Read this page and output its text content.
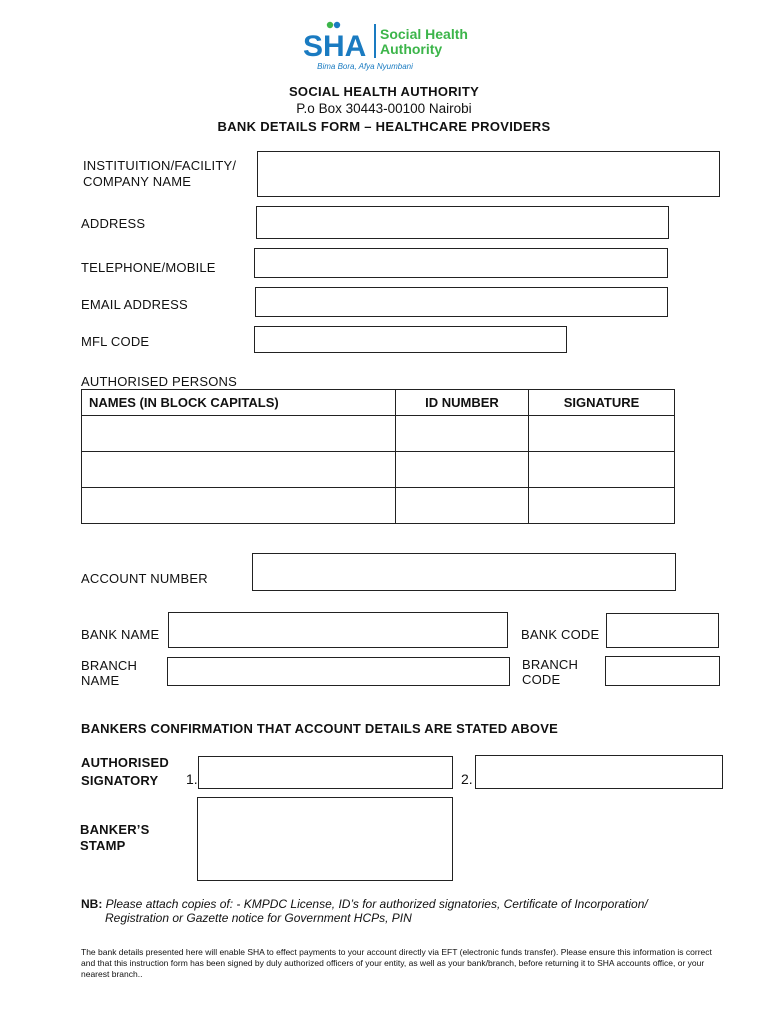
SHA Social Health
Authority
Bima Bora, Afya Nyumbani
SOCIAL HEALTH AUTHORITY
P.o Box 30443-00100 Nairobi
BANK DETAILS FORM – HEALTHCARE PROVIDERS
INSTITUITION/FACILITY/
COMPANY NAME
ADDRESS
TELEPHONE/MOBILE
EMAIL ADDRESS
MFL CODE
AUTHORISED PERSONS
NAMES (IN BLOCK CAPITALS)	ID NUMBER	SIGNATURE

ACCOUNT NUMBER
BANK NAME	BANK CODE
BRANCH
NAME
BRANCH
CODE
BANKERS CONFIRMATION THAT ACCOUNT DETAILS ARE STATED ABOVE
AUTHORISED
SIGNATORY 1.	2.
BANKER’S
STAMP
NB: Please attach copies of: - KMPDC License, ID’s for authorized signatories, Certificate of Incorporation/
Registration or Gazette notice for Government HCPs, PIN
The bank details presented here will enable SHA to effect payments to your account directly via EFT (electronic funds transfer). Please ensure this information is correct and that this instruction form has been signed by duly authorized officers of your entity, as well as your bank/branch, before returning it to SHA accounts office, or your nearest branch..
